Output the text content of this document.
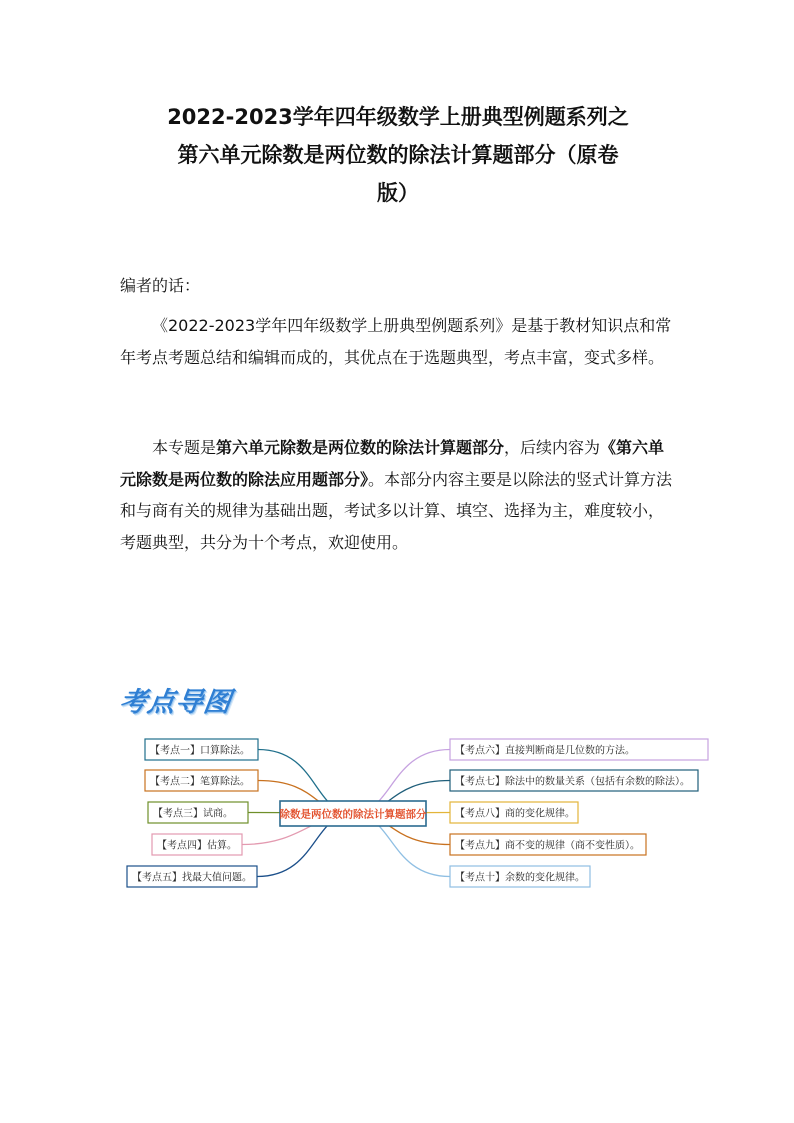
2022-2023学年四年级数学上册典型例题系列之
第六单元除数是两位数的除法计算题部分（原卷
版）
编者的话：
《2022-2023学年四年级数学上册典型例题系列》是基于教材知识点和常年考点考题总结和编辑而成的，其优点在于选题典型，考点丰富，变式多样。
本专题是第六单元除数是两位数的除法计算题部分，后续内容为《第六单元除数是两位数的除法应用题部分》。本部分内容主要是以除法的竖式计算方法和与商有关的规律为基础出题，考试多以计算、填空、选择为主，难度较小，考题典型，共分为十个考点，欢迎使用。
考点导图
除数是两位数的除法计算题部分
【考点一】口算除法。
【考点二】笔算除法。
【考点三】试商。
【考点四】估算。
【考点五】找最大值问题。
【考点六】直接判断商是几位数的方法。
【考点七】除法中的数量关系（包括有余数的除法）。
【考点八】商的变化规律。
【考点九】商不变的规律（商不变性质）。
【考点十】余数的变化规律。
